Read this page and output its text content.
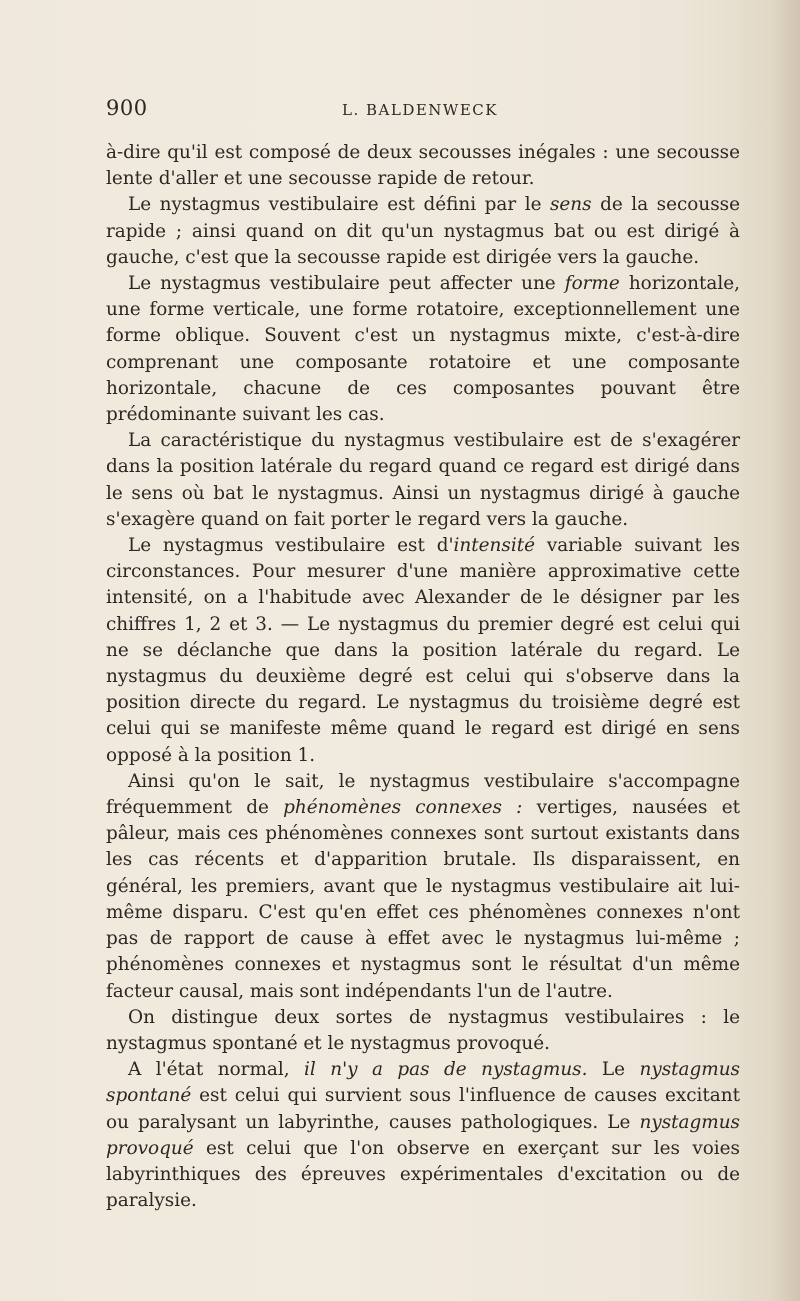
900	L. BALDENWECK

à-dire qu'il est composé de deux secousses inégales : une secousse lente d'aller et une secousse rapide de retour.

Le nystagmus vestibulaire est défini par le sens de la secousse rapide ; ainsi quand on dit qu'un nystagmus bat ou est dirigé à gauche, c'est que la secousse rapide est dirigée vers la gauche.

Le nystagmus vestibulaire peut affecter une forme horizontale, une forme verticale, une forme rotatoire, exceptionnellement une forme oblique. Souvent c'est un nystagmus mixte, c'est-à-dire comprenant une composante rotatoire et une composante horizontale, chacune de ces composantes pouvant être prédominante suivant les cas.

La caractéristique du nystagmus vestibulaire est de s'exagérer dans la position latérale du regard quand ce regard est dirigé dans le sens où bat le nystagmus. Ainsi un nystagmus dirigé à gauche s'exagère quand on fait porter le regard vers la gauche.

Le nystagmus vestibulaire est d'intensité variable suivant les circonstances. Pour mesurer d'une manière approximative cette intensité, on a l'habitude avec Alexander de le désigner par les chiffres 1, 2 et 3. — Le nystagmus du premier degré est celui qui ne se déclanche que dans la position latérale du regard. Le nystagmus du deuxième degré est celui qui s'observe dans la position directe du regard. Le nystagmus du troisième degré est celui qui se manifeste même quand le regard est dirigé en sens opposé à la position 1.

Ainsi qu'on le sait, le nystagmus vestibulaire s'accompagne fréquemment de phénomènes connexes : vertiges, nausées et pâleur, mais ces phénomènes connexes sont surtout existants dans les cas récents et d'apparition brutale. Ils disparaissent, en général, les premiers, avant que le nystagmus vestibulaire ait lui-même disparu. C'est qu'en effet ces phénomènes connexes n'ont pas de rapport de cause à effet avec le nystagmus lui-même ; phénomènes connexes et nystagmus sont le résultat d'un même facteur causal, mais sont indépendants l'un de l'autre.

On distingue deux sortes de nystagmus vestibulaires : le nystagmus spontané et le nystagmus provoqué.

A l'état normal, il n'y a pas de nystagmus. Le nystagmus spontané est celui qui survient sous l'influence de causes excitant ou paralysant un labyrinthe, causes pathologiques. Le nystagmus provoqué est celui que l'on observe en exerçant sur les voies labyrinthiques des épreuves expérimentales d'excitation ou de paralysie.
